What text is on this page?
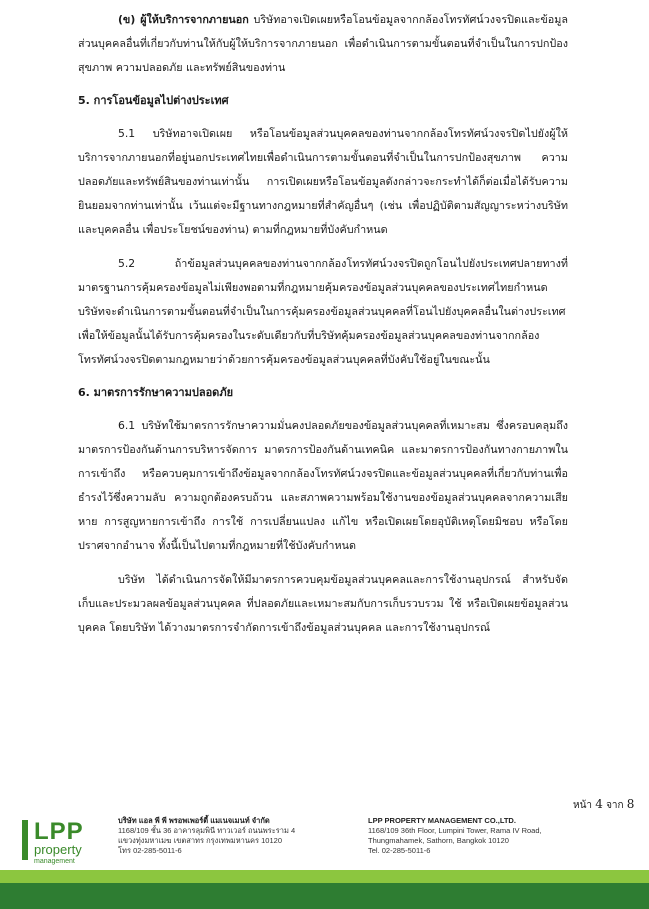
(ข) ผู้ให้บริการจากภายนอก บริษัทอาจเปิดเผยหรือโอนข้อมูลจากกล้องโทรทัศน์วงจรปิดและข้อมูลส่วนบุคคลอื่นที่เกี่ยวกับท่านให้กับผู้ให้บริการจากภายนอก เพื่อดำเนินการตามขั้นตอนที่จำเป็นในการปกป้องสุขภาพ ความปลอดภัย และทรัพย์สินของท่าน

5. การโอนข้อมูลไปต่างประเทศ

5.1 บริษัทอาจเปิดเผย หรือโอนข้อมูลส่วนบุคคลของท่านจากกล้องโทรทัศน์วงจรปิดไปยังผู้ให้บริการจากภายนอกที่อยู่นอกประเทศไทยเพื่อดำเนินการตามขั้นตอนที่จำเป็นในการปกป้องสุขภาพ ความปลอดภัยและทรัพย์สินของท่านเท่านั้น การเปิดเผยหรือโอนข้อมูลดังกล่าวจะกระทำได้ก็ต่อเมื่อได้รับความยินยอมจากท่านเท่านั้น เว้นแต่จะมีฐานทางกฎหมายที่สำคัญอื่นๆ (เช่น เพื่อปฏิบัติตามสัญญาระหว่างบริษัท และบุคคลอื่น เพื่อประโยชน์ของท่าน) ตามที่กฎหมายที่บังคับกำหนด

5.2 ถ้าข้อมูลส่วนบุคคลของท่านจากกล้องโทรทัศน์วงจรปิดถูกโอนไปยังประเทศปลายทางที่มาตรฐานการคุ้มครองข้อมูลไม่เพียงพอตามที่กฎหมายคุ้มครองข้อมูลส่วนบุคคลของประเทศไทยกำหนด บริษัทจะดำเนินการตามขั้นตอนที่จำเป็นในการคุ้มครองข้อมูลส่วนบุคคลที่โอนไปยังบุคคลอื่นในต่างประเทศ เพื่อให้ข้อมูลนั้นได้รับการคุ้มครองในระดับเดียวกับที่บริษัทคุ้มครองข้อมูลส่วนบุคคลของท่านจากกล้องโทรทัศน์วงจรปิดตามกฎหมายว่าด้วยการคุ้มครองข้อมูลส่วนบุคคลที่บังคับใช้อยู่ในขณะนั้น

6. มาตรการรักษาความปลอดภัย

6.1 บริษัทใช้มาตรการรักษาความมั่นคงปลอดภัยของข้อมูลส่วนบุคคลที่เหมาะสม ซึ่งครอบคลุมถึงมาตรการป้องกันด้านการบริหารจัดการ มาตรการป้องกันด้านเทคนิค และมาตรการป้องกันทางกายภาพในการเข้าถึง หรือควบคุมการเข้าถึงข้อมูลจากกล้องโทรทัศน์วงจรปิดและข้อมูลส่วนบุคคลที่เกี่ยวกับท่านเพื่อธำรงไว้ซึ่งความลับ ความถูกต้องครบถ้วน และสภาพความพร้อมใช้งานของข้อมูลส่วนบุคคลจากความเสียหาย การสูญหายการเข้าถึง การใช้ การเปลี่ยนแปลง แก้ไข หรือเปิดเผยโดยอุบัติเหตุโดยมิชอบ หรือโดยปราศจากอำนาจ ทั้งนี้เป็นไปตามที่กฎหมายที่ใช้บังคับกำหนด

บริษัท ได้ดำเนินการจัดให้มีมาตรการควบคุมข้อมูลส่วนบุคคลและการใช้งานอุปกรณ์ สำหรับจัดเก็บและประมวลผลข้อมูลส่วนบุคคล ที่ปลอดภัยและเหมาะสมกับการเก็บรวบรวม ใช้ หรือเปิดเผยข้อมูลส่วนบุคคล โดยบริษัท ได้วางมาตรการจำกัดการเข้าถึงข้อมูลส่วนบุคคล และการใช้งานอุปกรณ์

หน้า 4 จาก 8
LPP
property
management
บริษัท แอล พี พี พรอพเพอร์ตี้ แมเนจเมนท์ จำกัด
1168/109 ชั้น 36 อาคารลุมพินี ทาวเวอร์ ถนนพระราม 4
แขวงทุ่งมหาเมฆ เขตสาทร กรุงเทพมหานคร 10120
โทร 02-285-5011-6
LPP PROPERTY MANAGEMENT CO.,LTD.
1168/109 36th Floor, Lumpini Tower, Rama IV Road,
Thungmahamek, Sathorn, Bangkok 10120
Tel. 02-285-5011-6
